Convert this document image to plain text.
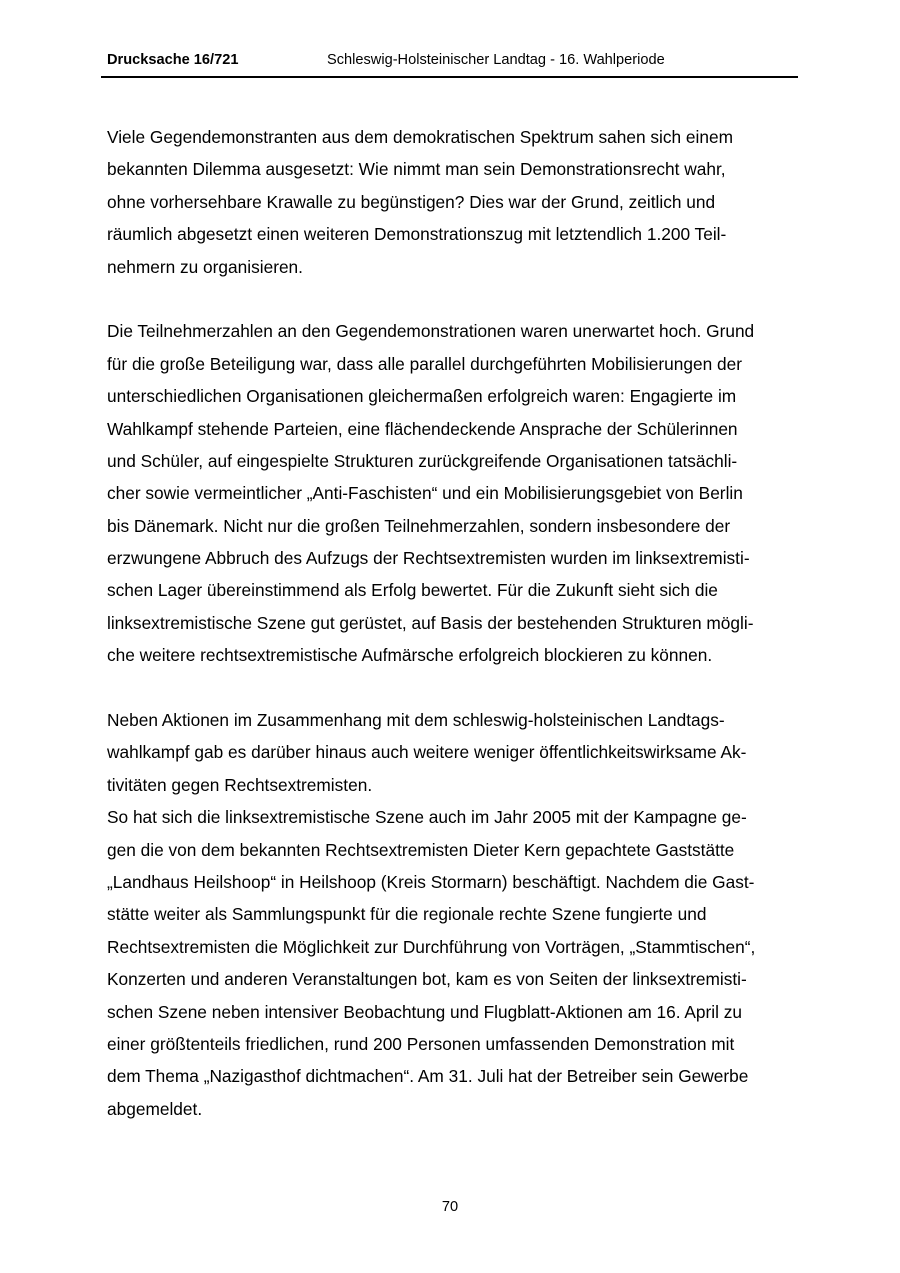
Drucksache 16/721	Schleswig-Holsteinischer Landtag - 16. Wahlperiode

Viele Gegendemonstranten aus dem demokratischen Spektrum sahen sich einem
bekannten Dilemma ausgesetzt: Wie nimmt man sein Demonstrationsrecht wahr,
ohne vorhersehbare Krawalle zu begünstigen? Dies war der Grund, zeitlich und
räumlich abgesetzt einen weiteren Demonstrationszug mit letztendlich 1.200 Teil-
nehmern zu organisieren.

Die Teilnehmerzahlen an den Gegendemonstrationen waren unerwartet hoch. Grund
für die große Beteiligung war, dass alle parallel durchgeführten Mobilisierungen der
unterschiedlichen Organisationen gleichermaßen erfolgreich waren: Engagierte im
Wahlkampf stehende Parteien, eine flächendeckende Ansprache der Schülerinnen
und Schüler, auf eingespielte Strukturen zurückgreifende Organisationen tatsächli-
cher sowie vermeintlicher „Anti-Faschisten“ und ein Mobilisierungsgebiet von Berlin
bis Dänemark. Nicht nur die großen Teilnehmerzahlen, sondern insbesondere der
erzwungene Abbruch des Aufzugs der Rechtsextremisten wurden im linksextremisti-
schen Lager übereinstimmend als Erfolg bewertet. Für die Zukunft sieht sich die
linksextremistische Szene gut gerüstet, auf Basis der bestehenden Strukturen mögli-
che weitere rechtsextremistische Aufmärsche erfolgreich blockieren zu können.

Neben Aktionen im Zusammenhang mit dem schleswig-holsteinischen Landtags-
wahlkampf gab es darüber hinaus auch weitere weniger öffentlichkeitswirksame Ak-
tivitäten gegen Rechtsextremisten.
So hat sich die linksextremistische Szene auch im Jahr 2005 mit der Kampagne ge-
gen die von dem bekannten Rechtsextremisten Dieter Kern gepachtete Gaststätte
„Landhaus Heilshoop“ in Heilshoop (Kreis Stormarn) beschäftigt. Nachdem die Gast-
stätte weiter als Sammlungspunkt für die regionale rechte Szene fungierte und
Rechtsextremisten die Möglichkeit zur Durchführung von Vorträgen, „Stammtischen“,
Konzerten und anderen Veranstaltungen bot, kam es von Seiten der linksextremisti-
schen Szene neben intensiver Beobachtung und Flugblatt-Aktionen am 16. April zu
einer größtenteils friedlichen, rund 200 Personen umfassenden Demonstration mit
dem Thema „Nazigasthof dichtmachen“. Am 31. Juli hat der Betreiber sein Gewerbe
abgemeldet.

70
